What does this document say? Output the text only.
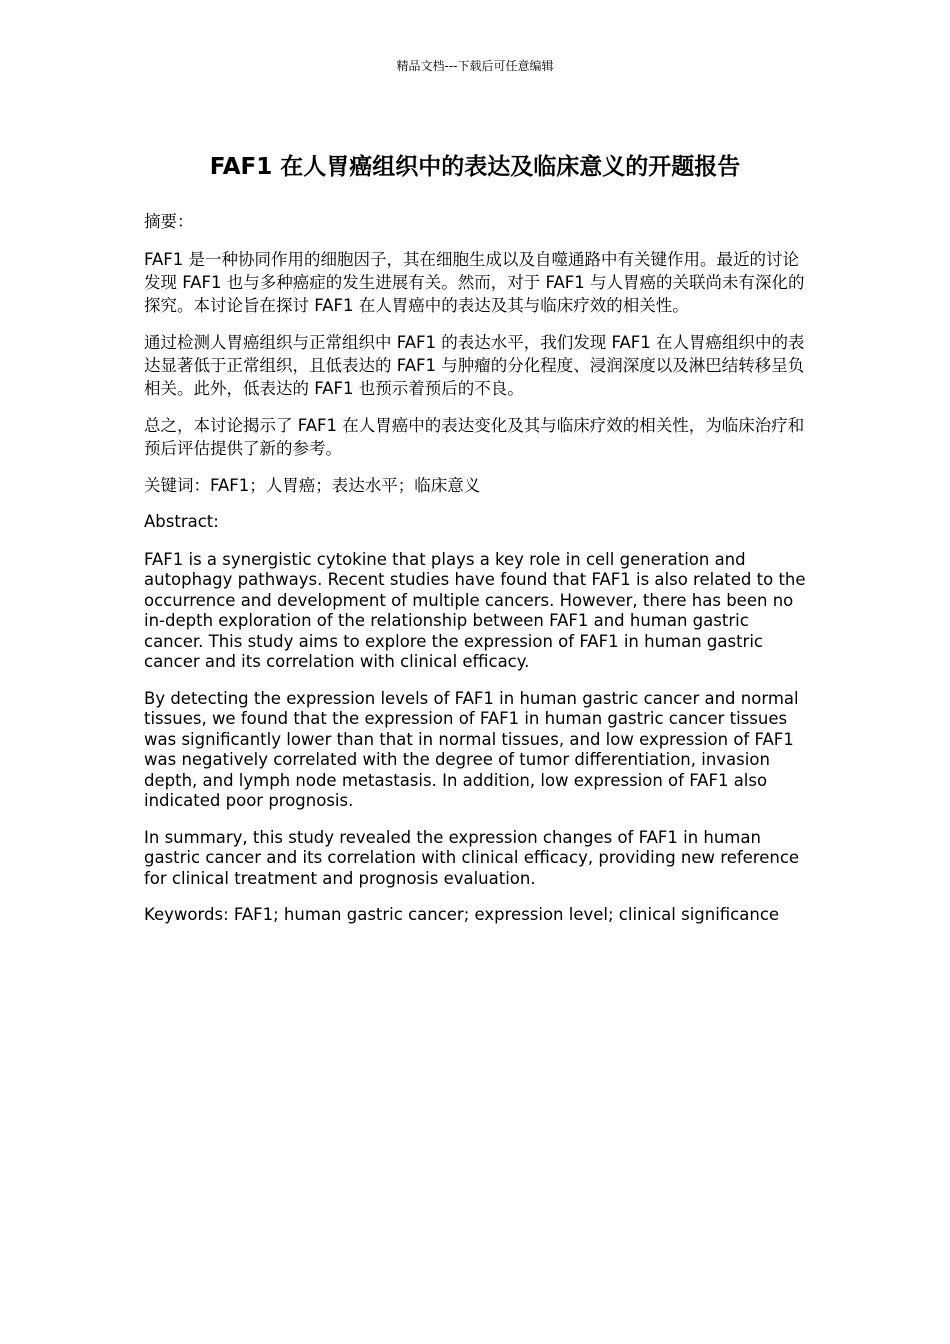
精品文档---下载后可任意编辑
FAF1 在人胃癌组织中的表达及临床意义的开题报告

摘要：

FAF1 是一种协同作用的细胞因子，其在细胞生成以及自噬通路中有关键作用。最近的讨论发现 FAF1 也与多种癌症的发生进展有关。然而，对于 FAF1 与人胃癌的关联尚未有深化的探究。本讨论旨在探讨 FAF1 在人胃癌中的表达及其与临床疗效的相关性。

通过检测人胃癌组织与正常组织中 FAF1 的表达水平，我们发现 FAF1 在人胃癌组织中的表达显著低于正常组织，且低表达的 FAF1 与肿瘤的分化程度、浸润深度以及淋巴结转移呈负相关。此外，低表达的 FAF1 也预示着预后的不良。

总之，本讨论揭示了 FAF1 在人胃癌中的表达变化及其与临床疗效的相关性，为临床治疗和预后评估提供了新的参考。

关键词：FAF1；人胃癌；表达水平；临床意义

Abstract:

FAF1 is a synergistic cytokine that plays a key role in cell generation and autophagy pathways. Recent studies have found that FAF1 is also related to the occurrence and development of multiple cancers. However, there has been no in-depth exploration of the relationship between FAF1 and human gastric cancer. This study aims to explore the expression of FAF1 in human gastric cancer and its correlation with clinical efficacy.

By detecting the expression levels of FAF1 in human gastric cancer and normal tissues, we found that the expression of FAF1 in human gastric cancer tissues was significantly lower than that in normal tissues, and low expression of FAF1 was negatively correlated with the degree of tumor differentiation, invasion depth, and lymph node metastasis. In addition, low expression of FAF1 also indicated poor prognosis.

In summary, this study revealed the expression changes of FAF1 in human gastric cancer and its correlation with clinical efficacy, providing new reference for clinical treatment and prognosis evaluation.

Keywords: FAF1; human gastric cancer; expression level; clinical significance
